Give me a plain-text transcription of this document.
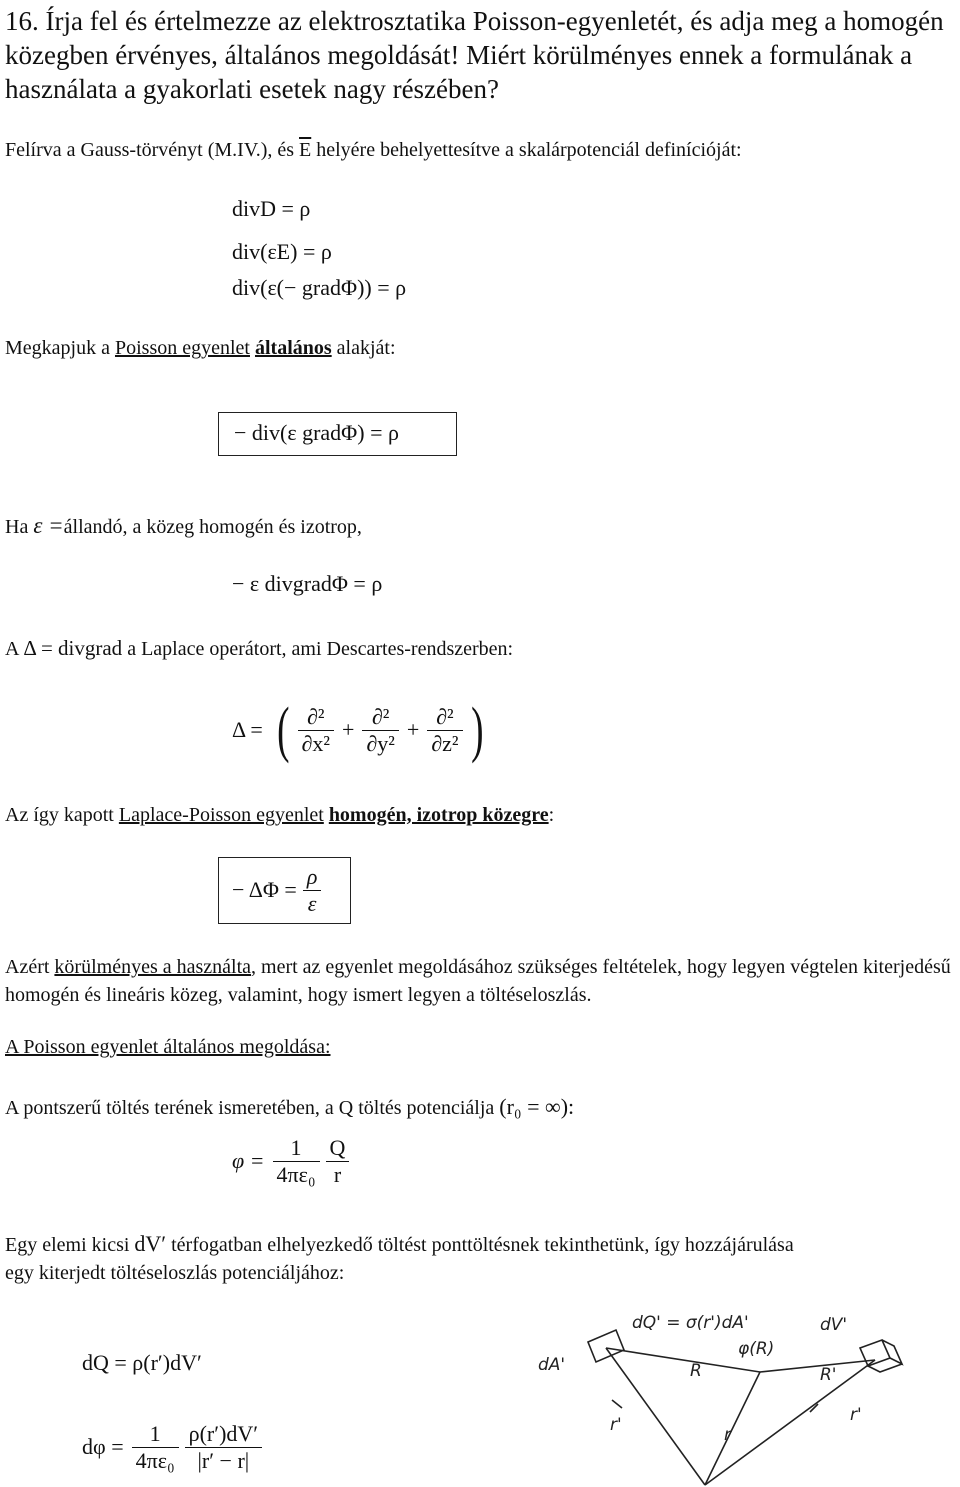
16. Írja fel és értelmezze az elektrosztatika Poisson-egyenletét, és adja meg a homogén közegben érvényes, általános megoldását! Miért körülményes ennek a formulának a használata a gyakorlati esetek nagy részében?
Felírva a Gauss-törvényt (M.IV.), és $\overline{E}$ helyére behelyettesítve a skalárpotenciál definícióját:
divD = ρ
div(εE) = ρ
div(ε(− gradΦ)) = ρ
Megkapjuk a Poisson egyenlet általános alakját:
− div(ε gradΦ) = ρ
Ha ε =állandó, a közeg homogén és izotrop,
− ε divgradΦ = ρ
A Δ = divgrad a Laplace operátort, ami Descartes-rendszerben:
Δ = ( $\frac{\text{∂²}}{\text{∂x²}} + \frac{\text{∂²}}{\text{∂y²}} + \frac{\text{∂²}}{\text{∂z²}}$ )
Az így kapott Laplace-Poisson egyenlet homogén, izotrop közegre:
− $\Delta\Phi = \frac{\rho}{\varepsilon}$
Azért körülményes a használta, mert az egyenlet megoldásához szükséges feltételek, hogy legyen végtelen kiterjedésű homogén és lineáris közeg, valamint, hogy ismert legyen a töltéseloszlás.
A Poisson egyenlet általános megoldása:
A pontszerű töltés terének ismeretében, a Q töltés potenciálja (r₀ = ∞):
$\varphi = \frac{1}{\text{4πε₀}} \frac{Q}{r}$
Egy elemi kicsi dV′ térfogatban elhelyezkedő töltést ponttöltésnek tekinthetünk, így hozzájárulása
egy kiterjedt töltéseloszlás potenciáljához:
dQ = ρ(r′)dV′
$d\varphi = \frac{1}{\text{4πε₀}} \frac{\rho(r')dV'}{|r' - r|}$
dA'
dQ' = σ(r')dA'	dV'
φ(R)
R	R'
r'	r
r'
